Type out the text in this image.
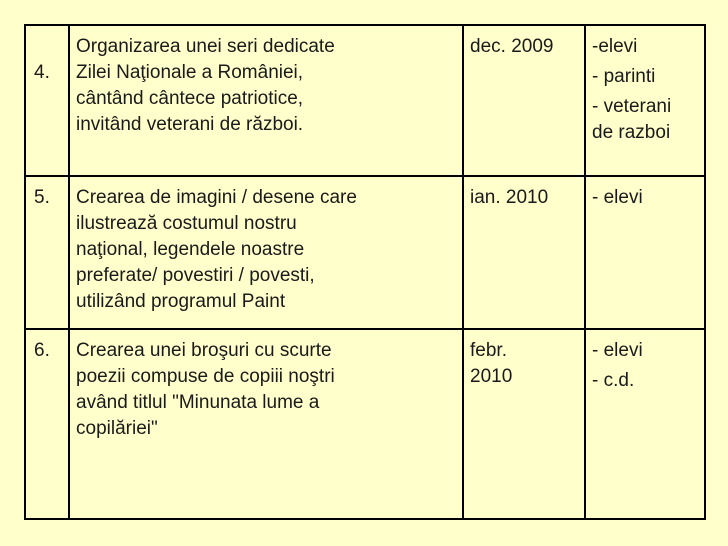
4.	Organizarea unei seri dedicate
Zilei Naţionale a României,
cântând cântece patriotice,
invitând veterani de război.	dec. 2009	-elevi
- parinti
- veterani
de razboi

5.	Crearea de imagini / desene care
ilustrează costumul nostru
naţional, legendele noastre
preferate/ povestiri / povesti,
utilizând programul Paint	ian. 2010	- elevi

6.	Crearea unei broşuri cu scurte
poezii compuse de copiii noştri
având titlul "Minunata lume a
copilăriei"	febr.
2010	- elevi
- c.d.
